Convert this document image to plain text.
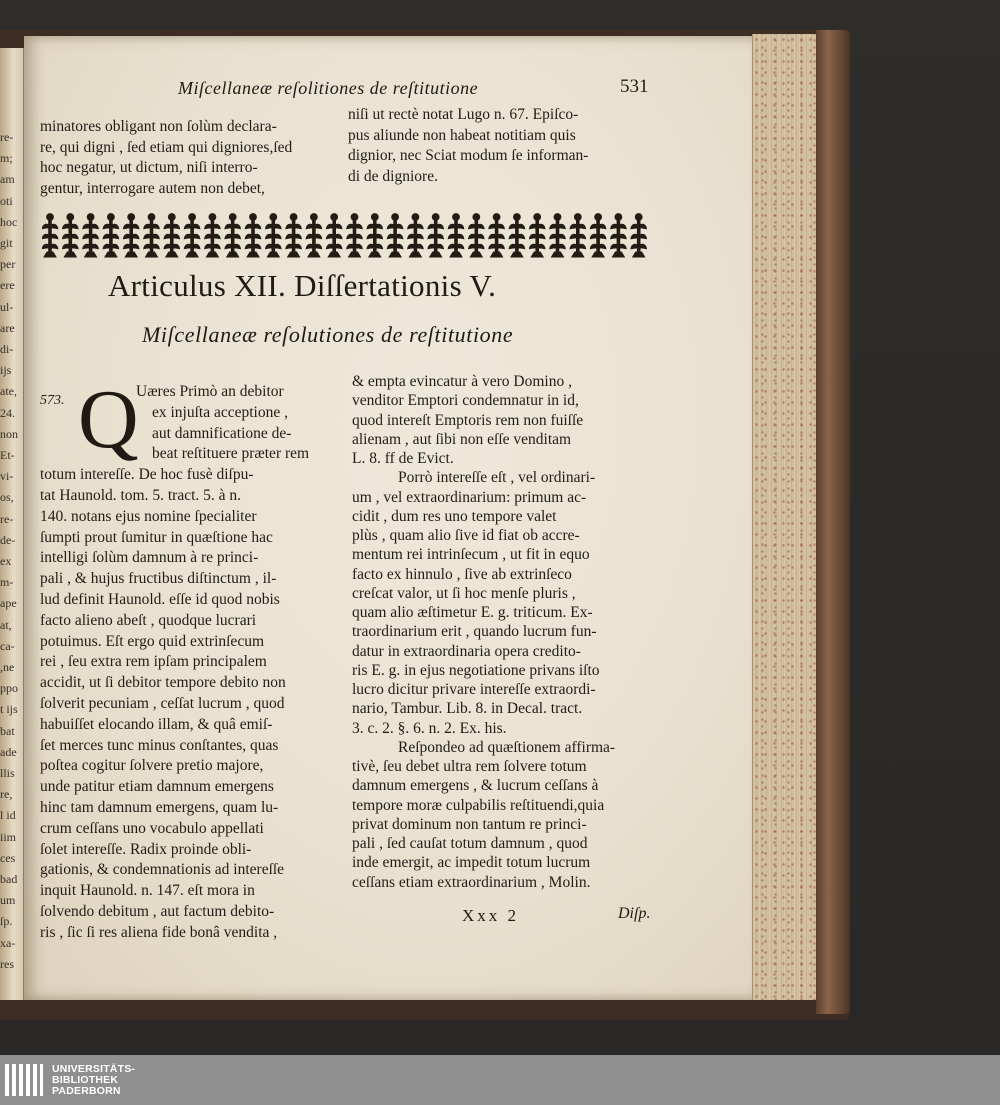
re-
m;
am
oti
hoc
git
per
ere
ul-
are
di-
ijs
ate,
24.
non
Et-
vi-
os,
re-
de-
ex
m-
ape
at,
ca-
,ne
ppo
t ijs
bat
ade
llis
re,
l id
iim
ces
bad
um
ſp.
xa-
res
Miſcellaneæ reſolitiones de reſtitutione	531
Articulus XII. Diſſertationis V.
Miſcellaneæ reſolutiones de reſtitutione
573. Q
Xxx 2	Diſp.
UNIVERSITÄTS-
BIBLIOTHEK
PADERBORN
minatores obligant non ſolùm declara-
re, qui digni , ſed etiam qui digniores,ſed
hoc negatur, ut dictum, niſi interro-
gentur, interrogare autem non debet,
niſi ut rectè notat Lugo n. 67. Epiſco-
pus aliunde non habeat notitiam quis
dignior, nec Sciat modum ſe informan-
di de digniore.
Uæres Primò an debitor
ex injuſta acceptione ,
aut damnificatione de-
beat reſtituere præter rem
totum intereſſe. De hoc fusè diſpu-
tat Haunold. tom. 5. tract. 5. à n.
140. notans ejus nomine ſpecialiter
ſumpti prout ſumitur in quæſtione hac
intelligi ſolùm damnum à re princi-
pali , & hujus fructibus diſtinctum , il-
lud definit Haunold. eſſe id quod nobis
facto alieno abeſt , quodque lucrari
potuimus. Eſt ergo quid extrinſecum
rei , ſeu extra rem ipſam principalem
accidit, ut ſi debitor tempore debito non
ſolverit pecuniam , ceſſat lucrum , quod
habuiſſet elocando illam, & quâ emiſ-
ſet merces tunc minus conſtantes, quas
poſtea cogitur ſolvere pretio majore,
unde patitur etiam damnum emergens
hinc tam damnum emergens, quam lu-
crum ceſſans uno vocabulo appellati
ſolet intereſſe. Radix proinde obli-
gationis, & condemnationis ad intereſſe
inquit Haunold. n. 147. eſt mora in
ſolvendo debitum , aut factum debito-
ris , ſic ſi res aliena fide bonâ vendita ,
& empta evincatur à vero Domino ,
venditor Emptori condemnatur in id,
quod intereſt Emptoris rem non fuiſſe
alienam , aut ſibi non eſſe venditam
L. 8. ff de Evict.
Porrò intereſſe eſt , vel ordinari-
um , vel extraordinarium: primum ac-
cidit , dum res uno tempore valet
plùs , quam alio ſive id fiat ob accre-
mentum rei intrinſecum , ut fit in equo
facto ex hinnulo , ſive ab extrinſeco
creſcat valor, ut ſi hoc menſe pluris ,
quam alio æſtimetur E. g. triticum. Ex-
traordinarium erit , quando lucrum fun-
datur in extraordinaria opera credito-
ris E. g. in ejus negotiatione privans iſto
lucro dicitur privare intereſſe extraordi-
nario, Tambur. Lib. 8. in Decal. tract.
3. c. 2. §. 6. n. 2. Ex. his.
Reſpondeo ad quæſtionem affirma-
tivè, ſeu debet ultra rem ſolvere totum
damnum emergens , & lucrum ceſſans à
tempore moræ culpabilis reſtituendi,quia
privat dominum non tantum re princi-
pali , ſed cauſat totum damnum , quod
inde emergit, ac impedit totum lucrum
ceſſans etiam extraordinarium , Molin.
